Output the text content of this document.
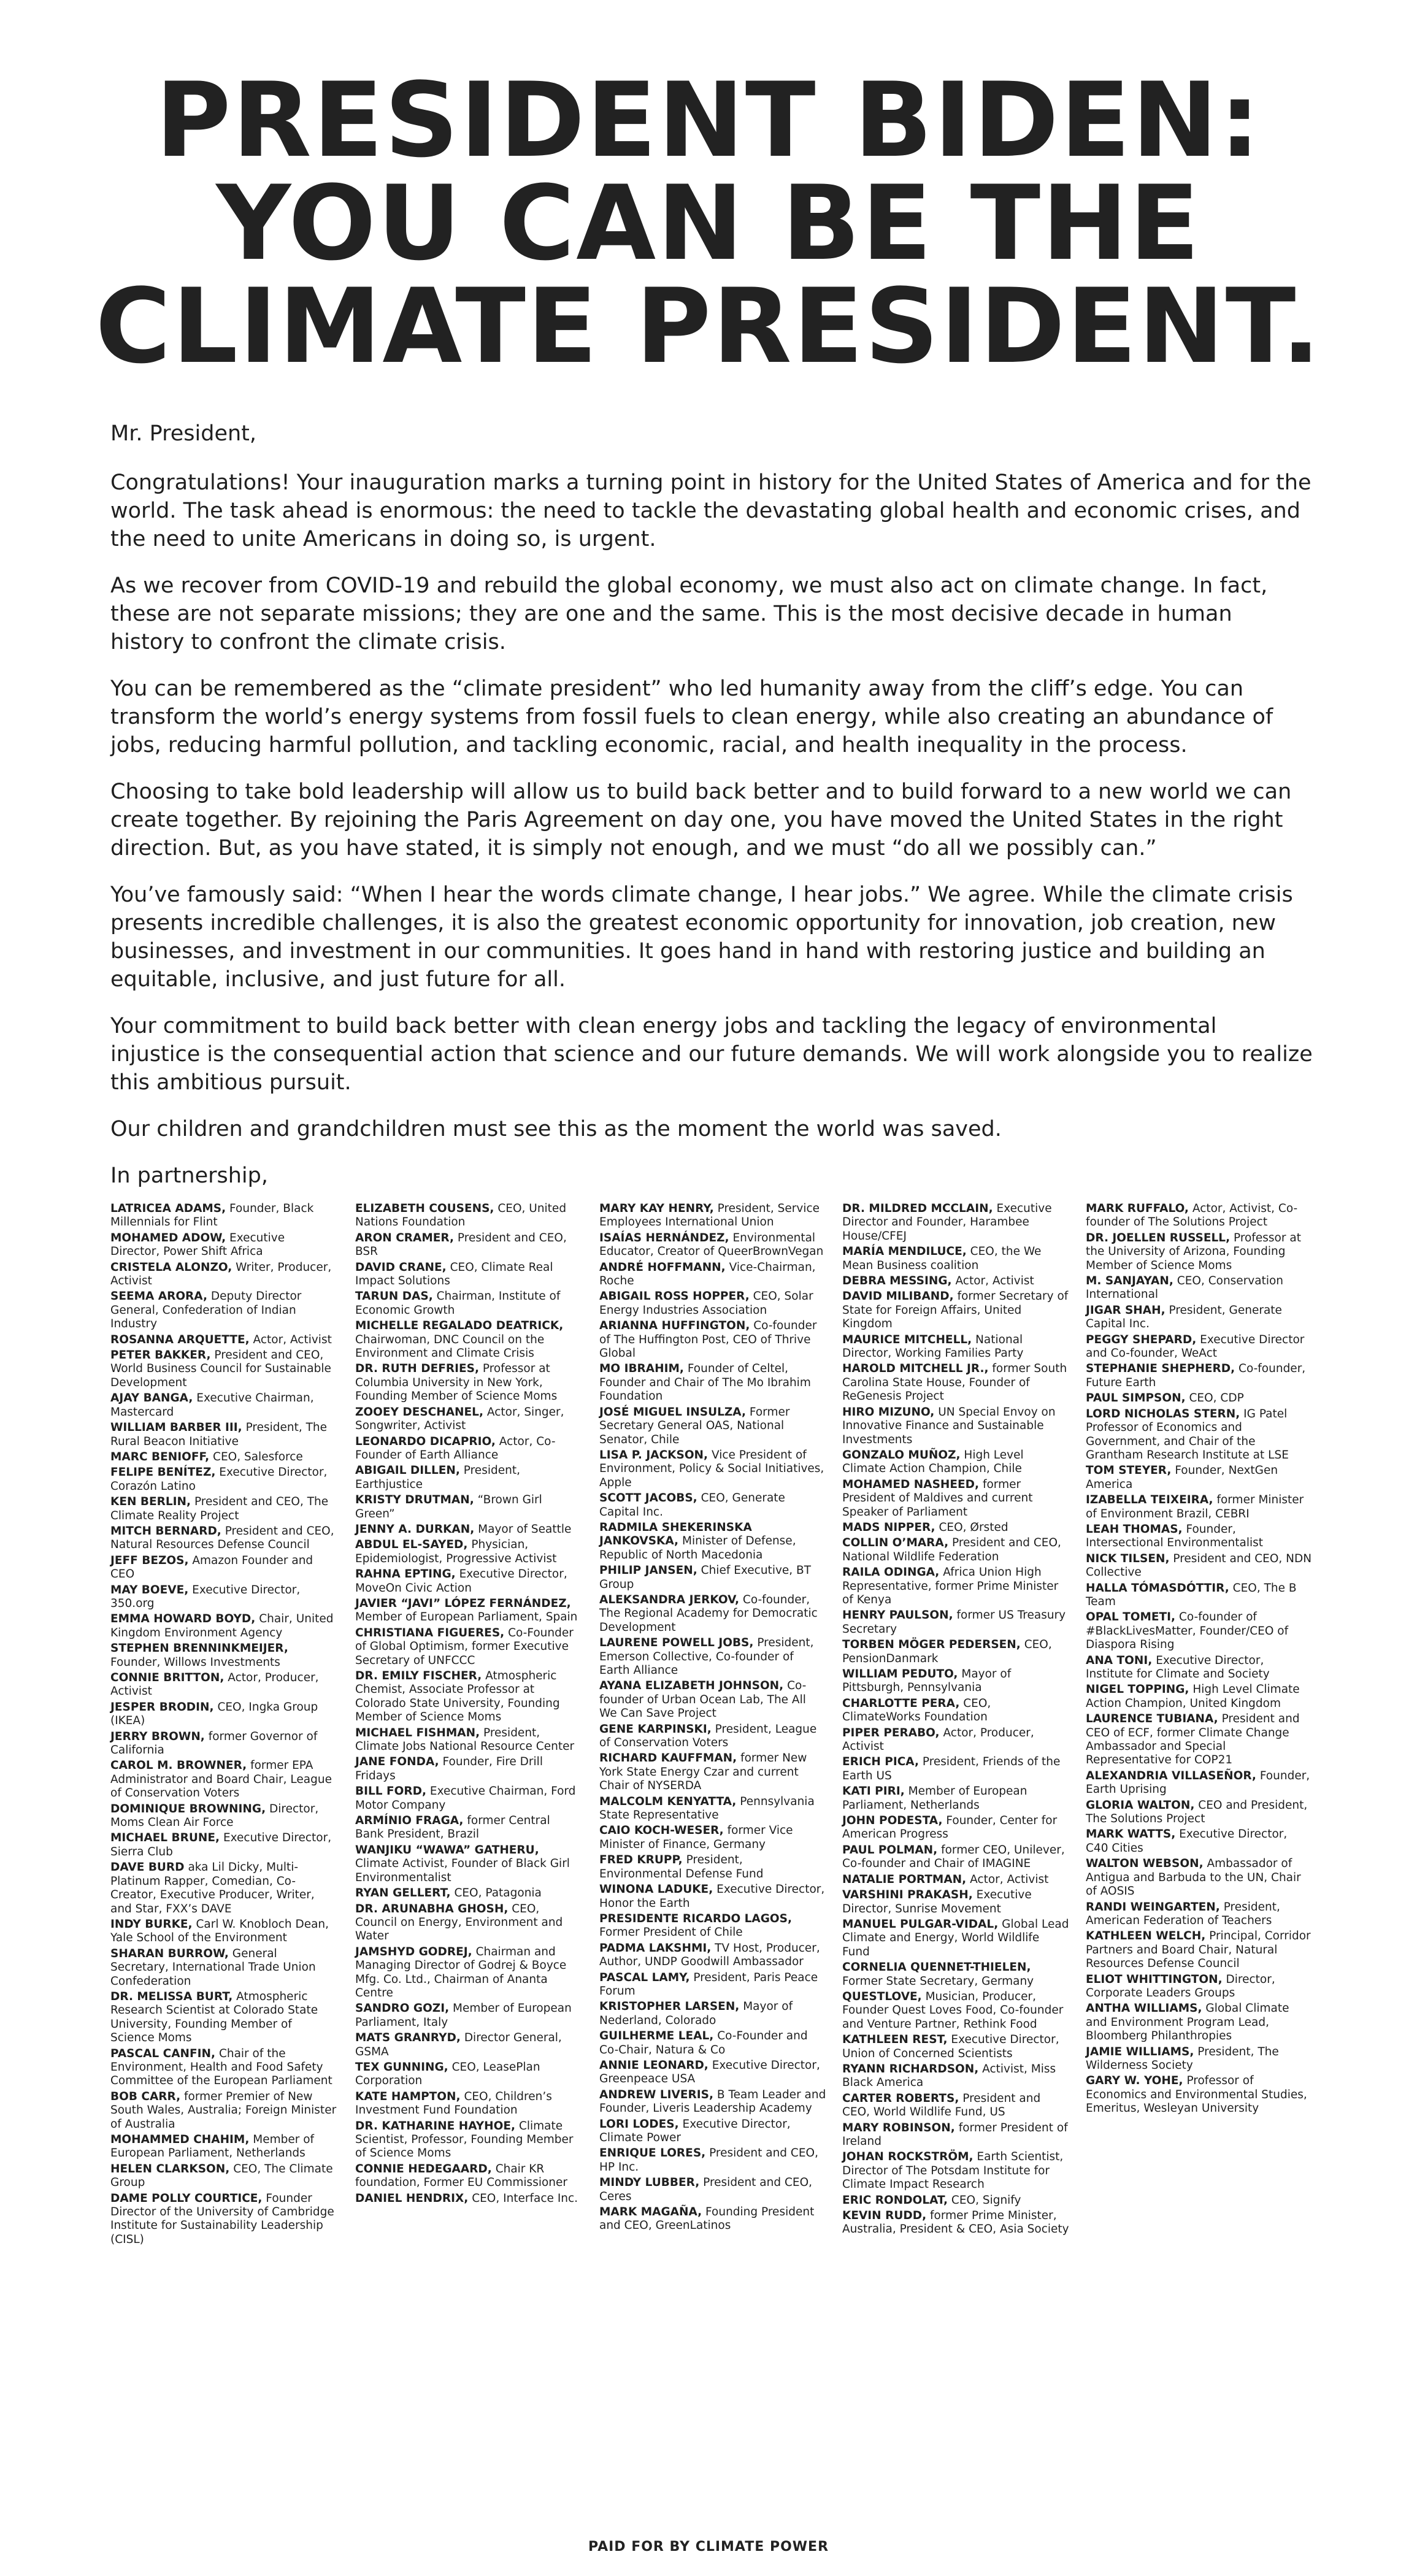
PRESIDENT BIDEN:
YOU CAN BE THE
CLIMATE PRESIDENT.

Mr. President,

Congratulations! Your inauguration marks a turning point in history for the United States of America and for the world. The task ahead is enormous: the need to tackle the devastating global health and economic crises, and the need to unite Americans in doing so, is urgent.

As we recover from COVID-19 and rebuild the global economy, we must also act on climate change. In fact, these are not separate missions; they are one and the same. This is the most decisive decade in human history to confront the climate crisis.

You can be remembered as the “climate president” who led humanity away from the cliff’s edge. You can transform the world’s energy systems from fossil fuels to clean energy, while also creating an abundance of jobs, reducing harmful pollution, and tackling economic, racial, and health inequality in the process.

Choosing to take bold leadership will allow us to build back better and to build forward to a new world we can create together. By rejoining the Paris Agreement on day one, you have moved the United States in the right direction. But, as you have stated, it is simply not enough, and we must “do all we possibly can.”

You’ve famously said: “When I hear the words climate change, I hear jobs.” We agree. While the climate crisis presents incredible challenges, it is also the greatest economic opportunity for innovation, job creation, new businesses, and investment in our communities. It goes hand in hand with restoring justice and building an equitable, inclusive, and just future for all.

Your commitment to build back better with clean energy jobs and tackling the legacy of environmental injustice is the consequential action that science and our future demands. We will work alongside you to realize this ambitious pursuit.

Our children and grandchildren must see this as the moment the world was saved.

In partnership,

LATRICEA ADAMS, Founder, Black Millennials for Flint

MOHAMED ADOW, Executive Director, Power Shift Africa

CRISTELA ALONZO, Writer, Producer, Activist

SEEMA ARORA, Deputy Director General, Confederation of Indian Industry

ROSANNA ARQUETTE, Actor, Activist

PETER BAKKER, President and CEO, World Business Council for Sustainable Development

AJAY BANGA, Executive Chairman, Mastercard

WILLIAM BARBER III, President, The Rural Beacon Initiative

MARC BENIOFF, CEO, Salesforce

FELIPE BENÍTEZ, Executive Director, Corazón Latino

KEN BERLIN, President and CEO, The Climate Reality Project

MITCH BERNARD, President and CEO, Natural Resources Defense Council

JEFF BEZOS, Amazon Founder and CEO

MAY BOEVE, Executive Director, 350.org

EMMA HOWARD BOYD, Chair, United Kingdom Environment Agency

STEPHEN BRENNINKMEIJER, Founder, Willows Investments

CONNIE BRITTON, Actor, Producer, Activist

JESPER BRODIN, CEO, Ingka Group (IKEA)

JERRY BROWN, former Governor of California

CAROL M. BROWNER, former EPA Administrator and Board Chair, League of Conservation Voters

DOMINIQUE BROWNING, Director, Moms Clean Air Force

MICHAEL BRUNE, Executive Director, Sierra Club

DAVE BURD aka Lil Dicky, Multi-Platinum Rapper, Comedian, Co-Creator, Executive Producer, Writer, and Star, FXX’s DAVE

INDY BURKE, Carl W. Knobloch Dean, Yale School of the Environment

SHARAN BURROW, General Secretary, International Trade Union Confederation

DR. MELISSA BURT, Atmospheric Research Scientist at Colorado State University, Founding Member of Science Moms

PASCAL CANFIN, Chair of the Environment, Health and Food Safety Committee of the European Parliament

BOB CARR, former Premier of New South Wales, Australia; Foreign Minister of Australia

MOHAMMED CHAHIM, Member of European Parliament, Netherlands

HELEN CLARKSON, CEO, The Climate Group

DAME POLLY COURTICE, Founder Director of the University of Cambridge Institute for Sustainability Leadership (CISL)

ELIZABETH COUSENS, CEO, United Nations Foundation

ARON CRAMER, President and CEO, BSR

DAVID CRANE, CEO, Climate Real Impact Solutions

TARUN DAS, Chairman, Institute of Economic Growth

MICHELLE REGALADO DEATRICK, Chairwoman, DNC Council on the Environment and Climate Crisis

DR. RUTH DEFRIES, Professor at Columbia University in New York, Founding Member of Science Moms

ZOOEY DESCHANEL, Actor, Singer, Songwriter, Activist

LEONARDO DICAPRIO, Actor, Co-Founder of Earth Alliance

ABIGAIL DILLEN, President, Earthjustice

KRISTY DRUTMAN, “Brown Girl Green”

JENNY A. DURKAN, Mayor of Seattle

ABDUL EL-SAYED, Physician, Epidemiologist, Progressive Activist

RAHNA EPTING, Executive Director, MoveOn Civic Action

JAVIER “JAVI” LÓPEZ FERNÁNDEZ, Member of European Parliament, Spain

CHRISTIANA FIGUERES, Co-Founder of Global Optimism, former Executive Secretary of UNFCCC

DR. EMILY FISCHER, Atmospheric Chemist, Associate Professor at Colorado State University, Founding Member of Science Moms

MICHAEL FISHMAN, President, Climate Jobs National Resource Center

JANE FONDA, Founder, Fire Drill Fridays

BILL FORD, Executive Chairman, Ford Motor Company

ARMÍNIO FRAGA, former Central Bank President, Brazil

WANJIKU “WAWA” GATHERU, Climate Activist, Founder of Black Girl Environmentalist

RYAN GELLERT, CEO, Patagonia

DR. ARUNABHA GHOSH, CEO, Council on Energy, Environment and Water

JAMSHYD GODREJ, Chairman and Managing Director of Godrej & Boyce Mfg. Co. Ltd., Chairman of Ananta Centre

SANDRO GOZI, Member of European Parliament, Italy

MATS GRANRYD, Director General, GSMA

TEX GUNNING, CEO, LeasePlan Corporation

KATE HAMPTON, CEO, Children’s Investment Fund Foundation

DR. KATHARINE HAYHOE, Climate Scientist, Professor, Founding Member of Science Moms

CONNIE HEDEGAARD, Chair KR foundation, Former EU Commissioner

DANIEL HENDRIX, CEO, Interface Inc.

MARY KAY HENRY, President, Service Employees International Union

ISAÍAS HERNÁNDEZ, Environmental Educator, Creator of QueerBrownVegan

ANDRÉ HOFFMANN, Vice-Chairman, Roche

ABIGAIL ROSS HOPPER, CEO, Solar Energy Industries Association

ARIANNA HUFFINGTON, Co-founder of The Huffington Post, CEO of Thrive Global

MO IBRAHIM, Founder of Celtel, Founder and Chair of The Mo Ibrahim Foundation

JOSÉ MIGUEL INSULZA, Former Secretary General OAS, National Senator, Chile

LISA P. JACKSON, Vice President of Environment, Policy & Social Initiatives, Apple

SCOTT JACOBS, CEO, Generate Capital Inc.

RADMILA SHEKERINSKA JANKOVSKA, Minister of Defense, Republic of North Macedonia

PHILIP JANSEN, Chief Executive, BT Group

ALEKSANDRA JERKOV, Co-founder, The Regional Academy for Democratic Development

LAURENE POWELL JOBS, President, Emerson Collective, Co-founder of Earth Alliance

AYANA ELIZABETH JOHNSON, Co-founder of Urban Ocean Lab, The All We Can Save Project

GENE KARPINSKI, President, League of Conservation Voters

RICHARD KAUFFMAN, former New York State Energy Czar and current Chair of NYSERDA

MALCOLM KENYATTA, Pennsylvania State Representative

CAIO KOCH-WESER, former Vice Minister of Finance, Germany

FRED KRUPP, President, Environmental Defense Fund

WINONA LADUKE, Executive Director, Honor the Earth

PRESIDENTE RICARDO LAGOS, Former President of Chile

PADMA LAKSHMI, TV Host, Producer, Author, UNDP Goodwill Ambassador

PASCAL LAMY, President, Paris Peace Forum

KRISTOPHER LARSEN, Mayor of Nederland, Colorado

GUILHERME LEAL, Co-Founder and Co-Chair, Natura & Co

ANNIE LEONARD, Executive Director, Greenpeace USA

ANDREW LIVERIS, B Team Leader and Founder, Liveris Leadership Academy

LORI LODES, Executive Director, Climate Power

ENRIQUE LORES, President and CEO, HP Inc.

MINDY LUBBER, President and CEO, Ceres

MARK MAGAÑA, Founding President and CEO, GreenLatinos

DR. MILDRED MCCLAIN, Executive Director and Founder, Harambee House/CFEJ

MARÍA MENDILUCE, CEO, the We Mean Business coalition

DEBRA MESSING, Actor, Activist

DAVID MILIBAND, former Secretary of State for Foreign Affairs, United Kingdom

MAURICE MITCHELL, National Director, Working Families Party

HAROLD MITCHELL JR., former South Carolina State House, Founder of ReGenesis Project

HIRO MIZUNO, UN Special Envoy on Innovative Finance and Sustainable Investments

GONZALO MUÑOZ, High Level Climate Action Champion, Chile

MOHAMED NASHEED, former President of Maldives and current Speaker of Parliament

MADS NIPPER, CEO, Ørsted

COLLIN O’MARA, President and CEO, National Wildlife Federation

RAILA ODINGA, Africa Union High Representative, former Prime Minister of Kenya

HENRY PAULSON, former US Treasury Secretary

TORBEN MÖGER PEDERSEN, CEO, PensionDanmark

WILLIAM PEDUTO, Mayor of Pittsburgh, Pennsylvania

CHARLOTTE PERA, CEO, ClimateWorks Foundation

PIPER PERABO, Actor, Producer, Activist

ERICH PICA, President, Friends of the Earth US

KATI PIRI, Member of European Parliament, Netherlands

JOHN PODESTA, Founder, Center for American Progress

PAUL POLMAN, former CEO, Unilever, Co-founder and Chair of IMAGINE

NATALIE PORTMAN, Actor, Activist

VARSHINI PRAKASH, Executive Director, Sunrise Movement

MANUEL PULGAR-VIDAL, Global Lead Climate and Energy, World Wildlife Fund

CORNELIA QUENNET-THIELEN, Former State Secretary, Germany

QUESTLOVE, Musician, Producer, Founder Quest Loves Food, Co-founder and Venture Partner, Rethink Food

KATHLEEN REST, Executive Director, Union of Concerned Scientists

RYANN RICHARDSON, Activist, Miss Black America

CARTER ROBERTS, President and CEO, World Wildlife Fund, US

MARY ROBINSON, former President of Ireland

JOHAN ROCKSTRÖM, Earth Scientist, Director of The Potsdam Institute for Climate Impact Research

ERIC RONDOLAT, CEO, Signify

KEVIN RUDD, former Prime Minister, Australia, President & CEO, Asia Society

MARK RUFFALO, Actor, Activist, Co-founder of The Solutions Project

DR. JOELLEN RUSSELL, Professor at the University of Arizona, Founding Member of Science Moms

M. SANJAYAN, CEO, Conservation International

JIGAR SHAH, President, Generate Capital Inc.

PEGGY SHEPARD, Executive Director and Co-founder, WeAct

STEPHANIE SHEPHERD, Co-founder, Future Earth

PAUL SIMPSON, CEO, CDP

LORD NICHOLAS STERN, IG Patel Professor of Economics and Government, and Chair of the Grantham Research Institute at LSE

TOM STEYER, Founder, NextGen America

IZABELLA TEIXEIRA, former Minister of Environment Brazil, CEBRI

LEAH THOMAS, Founder, Intersectional Environmentalist

NICK TILSEN, President and CEO, NDN Collective

HALLA TÓMASDÓTTIR, CEO, The B Team

OPAL TOMETI, Co-founder of #BlackLivesMatter, Founder/CEO of Diaspora Rising

ANA TONI, Executive Director, Institute for Climate and Society

NIGEL TOPPING, High Level Climate Action Champion, United Kingdom

LAURENCE TUBIANA, President and CEO of ECF, former Climate Change Ambassador and Special Representative for COP21

ALEXANDRIA VILLASEÑOR, Founder, Earth Uprising

GLORIA WALTON, CEO and President, The Solutions Project

MARK WATTS, Executive Director, C40 Cities

WALTON WEBSON, Ambassador of Antigua and Barbuda to the UN, Chair of AOSIS

RANDI WEINGARTEN, President, American Federation of Teachers

KATHLEEN WELCH, Principal, Corridor Partners and Board Chair, Natural Resources Defense Council

ELIOT WHITTINGTON, Director, Corporate Leaders Groups

ANTHA WILLIAMS, Global Climate and Environment Program Lead, Bloomberg Philanthropies

JAMIE WILLIAMS, President, The Wilderness Society

GARY W. YOHE, Professor of Economics and Environmental Studies, Emeritus, Wesleyan University

PAID FOR BY CLIMATE POWER
